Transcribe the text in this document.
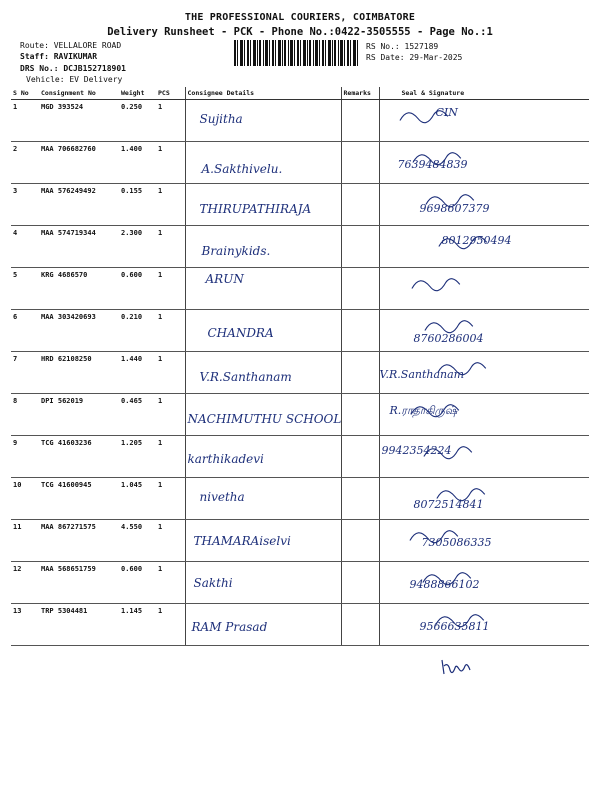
THE PROFESSIONAL COURIERS, COIMBATORE
Delivery Runsheet - PCK - Phone No.:0422-3505555 - Page No.:1
Route: VELLALORE ROAD
Staff: RAVIKUMAR
DRS No.: DCJB152718901
Vehicle: EV Delivery
RS No.: 1527189
RS Date: 29-Mar-2025
S No	Consignment No	Weight	PCS	Consignee Details	Remarks	Seal & Signature
1	MGD 393524	0.250	1	Sujitha		CIN

2	MAA 706682760	1.400	1	A.Sakthivelu.		7639484839

3	MAA 576249492	0.155	1	THIRUPATHIRAJA		9698607379

4	MAA 574719344	2.300	1	Brainykids.		8012950494

5	KRG 4686570	0.600	1	ARUN

6	MAA 303420693	0.210	1	CHANDRA		8760286004

7	HRD 62108250	1.440	1	V.R.Santhanam		V.R.Santhanam

8	DPI 562019	0.465	1	NACHIMUTHU SCHOOL		R.ராதாகிருஷ்

9	TCG 41603236	1.205	1	karthikadevi		9942354224

10	TCG 41600945	1.045	1	nivetha		8072514841

11	MAA 867271575	4.550	1	THAMARAiselvi		7305086335

12	MAA 568651759	0.600	1	Sakthi		9488866102

13	TRP 5304481	1.145	1	RAM Prasad		9566635811
